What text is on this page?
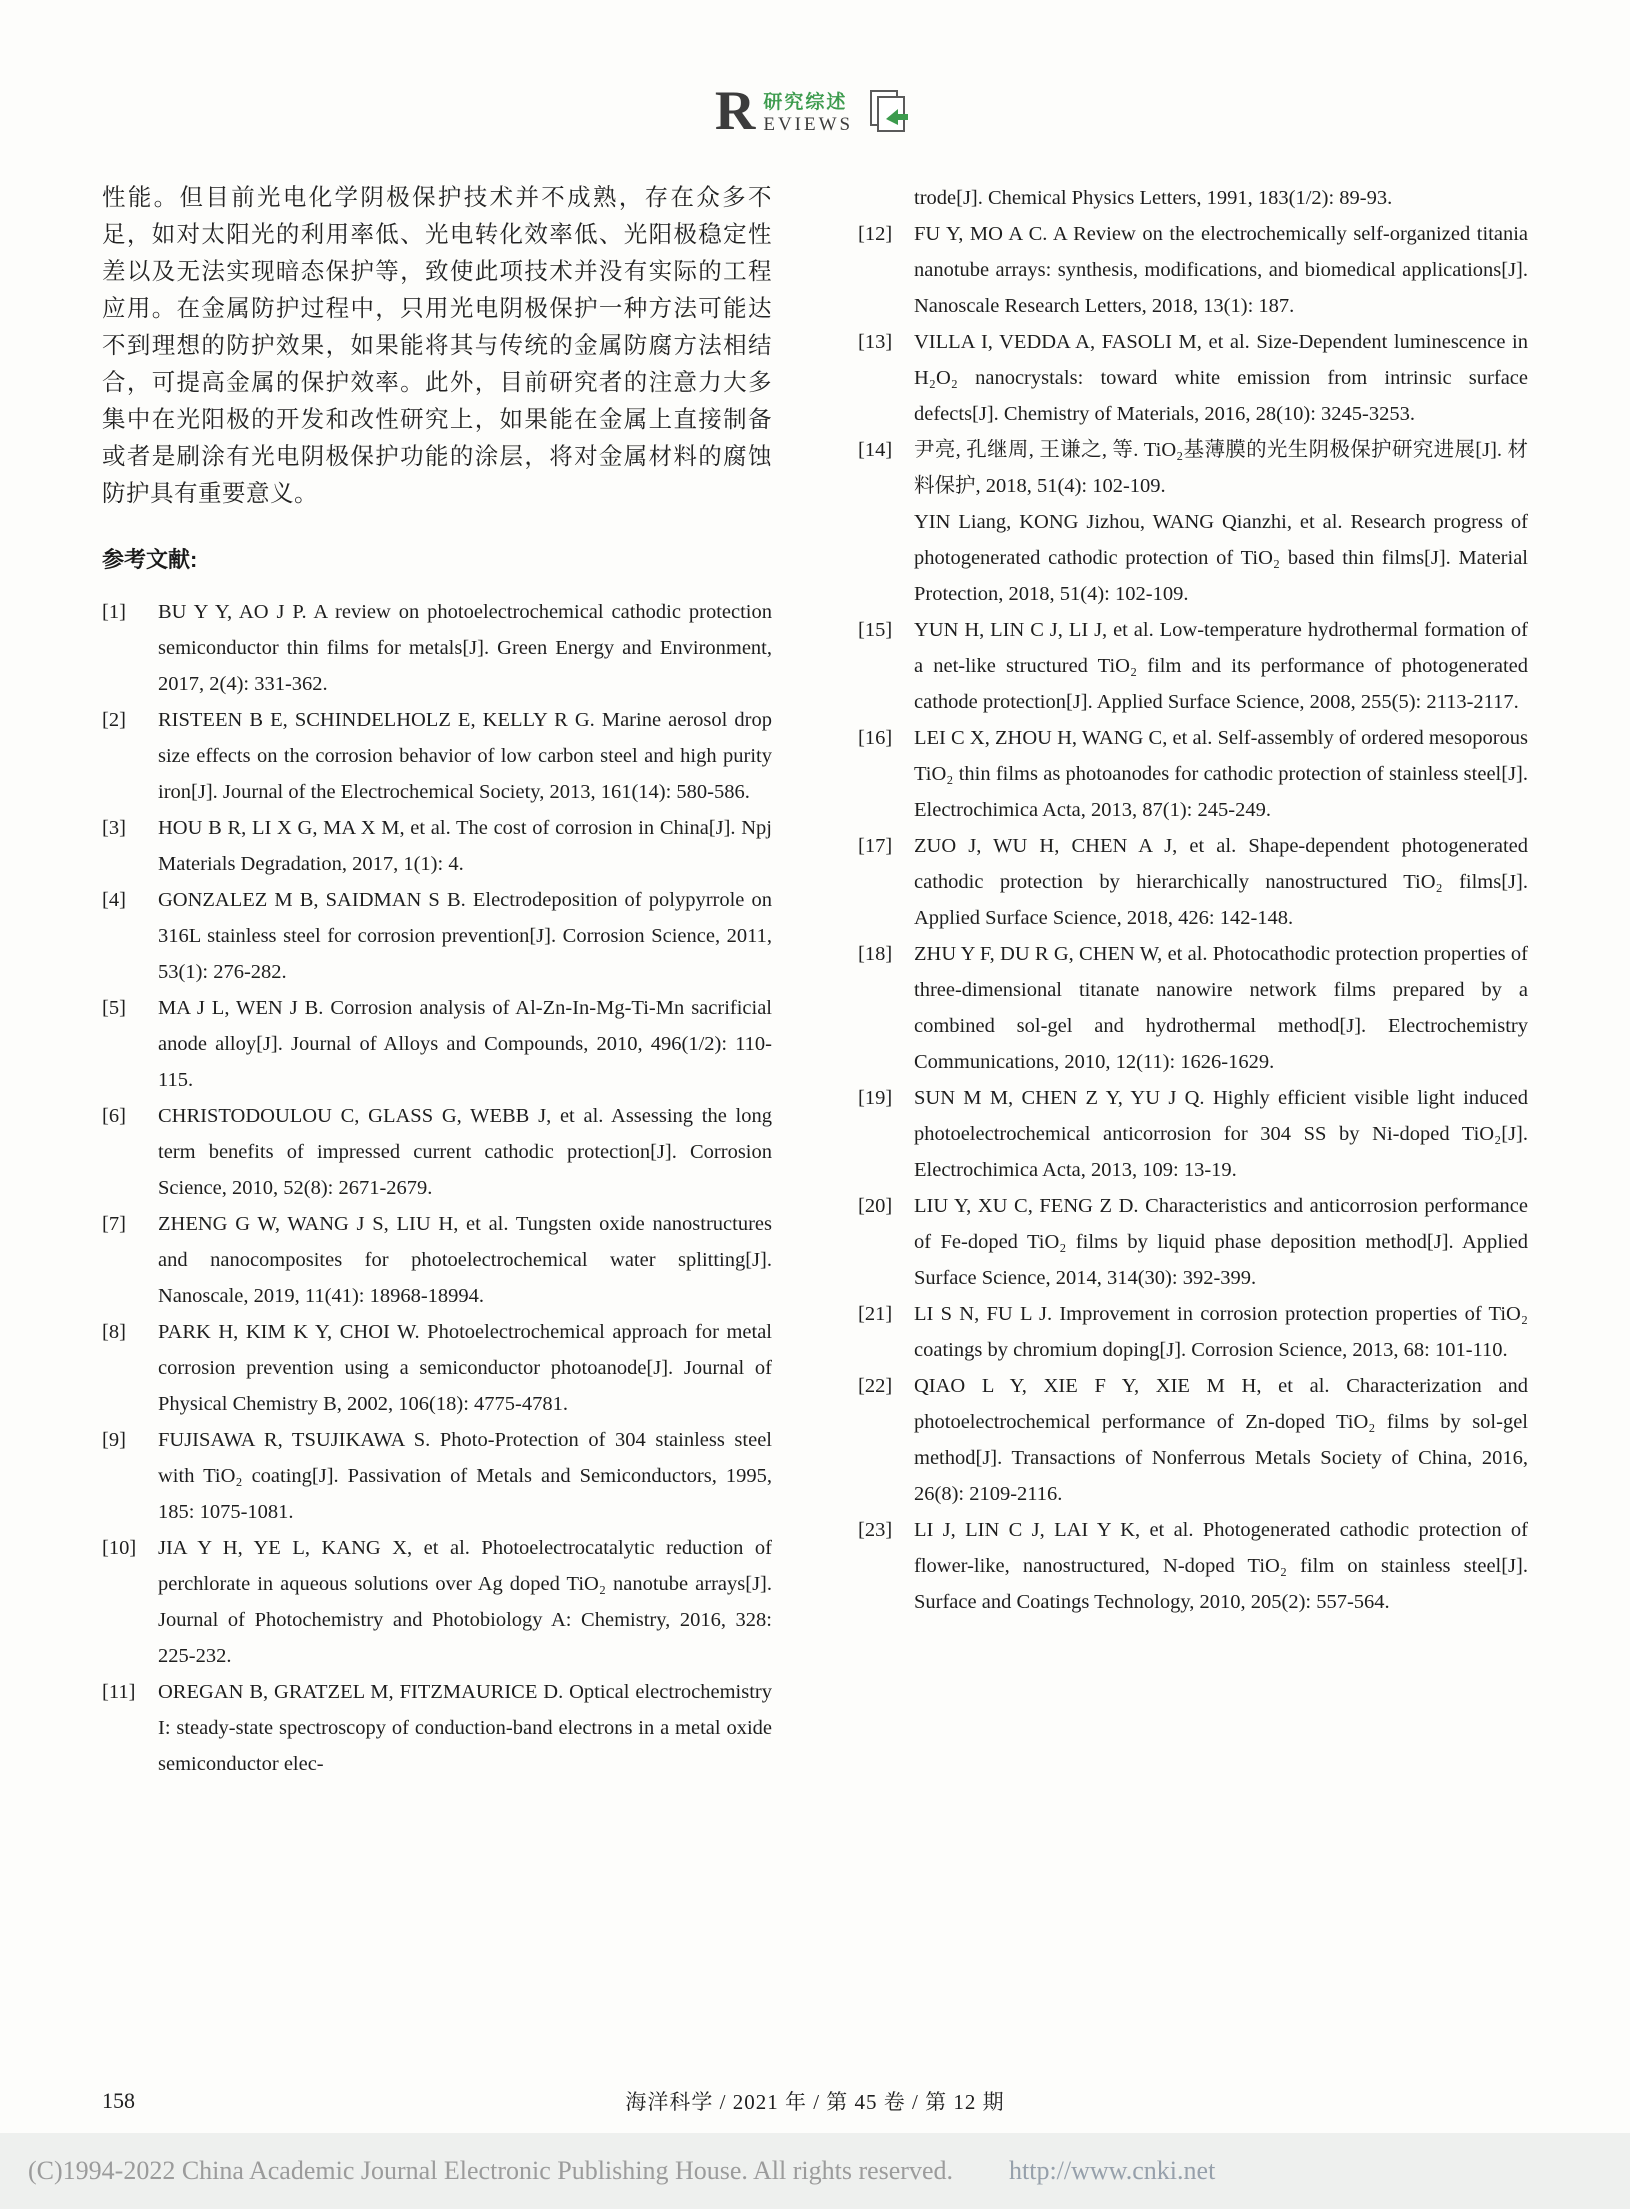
R 研究综述
EVIEWS

性能。但目前光电化学阴极保护技术并不成熟，存在众多不足，如对太阳光的利用率低、光电转化效率低、光阳极稳定性差以及无法实现暗态保护等，致使此项技术并没有实际的工程应用。在金属防护过程中，只用光电阴极保护一种方法可能达不到理想的防护效果，如果能将其与传统的金属防腐方法相结合，可提高金属的保护效率。此外，目前研究者的注意力大多集中在光阳极的开发和改性研究上，如果能在金属上直接制备或者是刷涂有光电阴极保护功能的涂层，将对金属材料的腐蚀防护具有重要意义。

参考文献:
[1]	BU Y Y, AO J P. A review on photoelectrochemical cathodic protection semiconductor thin films for metals[J]. Green Energy and Environment, 2017, 2(4): 331-362.
[2]	RISTEEN B E, SCHINDELHOLZ E, KELLY R G. Marine aerosol drop size effects on the corrosion behavior of low carbon steel and high purity iron[J]. Journal of the Electrochemical Society, 2013, 161(14): 580-586.
[3]	HOU B R, LI X G, MA X M, et al. The cost of corrosion in China[J]. Npj Materials Degradation, 2017, 1(1): 4.
[4]	GONZALEZ M B, SAIDMAN S B. Electrodeposition of polypyrrole on 316L stainless steel for corrosion prevention[J]. Corrosion Science, 2011, 53(1): 276-282.
[5]	MA J L, WEN J B. Corrosion analysis of Al-Zn-In-Mg-Ti-Mn sacrificial anode alloy[J]. Journal of Alloys and Compounds, 2010, 496(1/2): 110-115.
[6]	CHRISTODOULOU C, GLASS G, WEBB J, et al. Assessing the long term benefits of impressed current cathodic protection[J]. Corrosion Science, 2010, 52(8): 2671-2679.
[7]	ZHENG G W, WANG J S, LIU H, et al. Tungsten oxide nanostructures and nanocomposites for photoelectrochemical water splitting[J]. Nanoscale, 2019, 11(41): 18968-18994.
[8]	PARK H, KIM K Y, CHOI W. Photoelectrochemical approach for metal corrosion prevention using a semiconductor photoanode[J]. Journal of Physical Chemistry B, 2002, 106(18): 4775-4781.
[9]	FUJISAWA R, TSUJIKAWA S. Photo-Protection of 304 stainless steel with TiO₂ coating[J]. Passivation of Metals and Semiconductors, 1995, 185: 1075-1081.
[10]	JIA Y H, YE L, KANG X, et al. Photoelectrocatalytic reduction of perchlorate in aqueous solutions over Ag doped TiO₂ nanotube arrays[J]. Journal of Photochemistry and Photobiology A: Chemistry, 2016, 328: 225-232.
[11]	OREGAN B, GRATZEL M, FITZMAURICE D. Optical electrochemistry I: steady-state spectroscopy of conduction-band electrons in a metal oxide semiconductor elec-

trode[J]. Chemical Physics Letters, 1991, 183(1/2): 89-93.

[12]	FU Y, MO A C. A Review on the electrochemically self-organized titania nanotube arrays: synthesis, modifications, and biomedical applications[J]. Nanoscale Research Letters, 2018, 13(1): 187.
[13]	VILLA I, VEDDA A, FASOLI M, et al. Size-Dependent luminescence in H₂O₂ nanocrystals: toward white emission from intrinsic surface defects[J]. Chemistry of Materials, 2016, 28(10): 3245-3253.
[14]	尹亮, 孔继周, 王谦之, 等. TiO₂基薄膜的光生阴极保护研究进展[J]. 材料保护, 2018, 51(4): 102-109.
YIN Liang, KONG Jizhou, WANG Qianzhi, et al. Research progress of photogenerated cathodic protection of TiO₂ based thin films[J]. Material Protection, 2018, 51(4): 102-109.
[15]	YUN H, LIN C J, LI J, et al. Low-temperature hydrothermal formation of a net-like structured TiO₂ film and its performance of photogenerated cathode protection[J]. Applied Surface Science, 2008, 255(5): 2113-2117.
[16]	LEI C X, ZHOU H, WANG C, et al. Self-assembly of ordered mesoporous TiO₂ thin films as photoanodes for cathodic protection of stainless steel[J]. Electrochimica Acta, 2013, 87(1): 245-249.
[17]	ZUO J, WU H, CHEN A J, et al. Shape-dependent photogenerated cathodic protection by hierarchically nanostructured TiO₂ films[J]. Applied Surface Science, 2018, 426: 142-148.
[18]	ZHU Y F, DU R G, CHEN W, et al. Photocathodic protection properties of three-dimensional titanate nanowire network films prepared by a combined sol-gel and hydrothermal method[J]. Electrochemistry Communications, 2010, 12(11): 1626-1629.
[19]	SUN M M, CHEN Z Y, YU J Q. Highly efficient visible light induced photoelectrochemical anticorrosion for 304 SS by Ni-doped TiO₂[J]. Electrochimica Acta, 2013, 109: 13-19.
[20]	LIU Y, XU C, FENG Z D. Characteristics and anticorrosion performance of Fe-doped TiO₂ films by liquid phase deposition method[J]. Applied Surface Science, 2014, 314(30): 392-399.
[21]	LI S N, FU L J. Improvement in corrosion protection properties of TiO₂ coatings by chromium doping[J]. Corrosion Science, 2013, 68: 101-110.
[22]	QIAO L Y, XIE F Y, XIE M H, et al. Characterization and photoelectrochemical performance of Zn-doped TiO₂ films by sol-gel method[J]. Transactions of Nonferrous Metals Society of China, 2016, 26(8): 2109-2116.
[23]	LI J, LIN C J, LAI Y K, et al. Photogenerated cathodic protection of flower-like, nanostructured, N-doped TiO₂ film on stainless steel[J]. Surface and Coatings Technology, 2010, 205(2): 557-564.
158	海洋科学 / 2021 年 / 第 45 卷 / 第 12 期
(C)1994-2022 China Academic Journal Electronic Publishing House. All rights reserved. http://www.cnki.net
